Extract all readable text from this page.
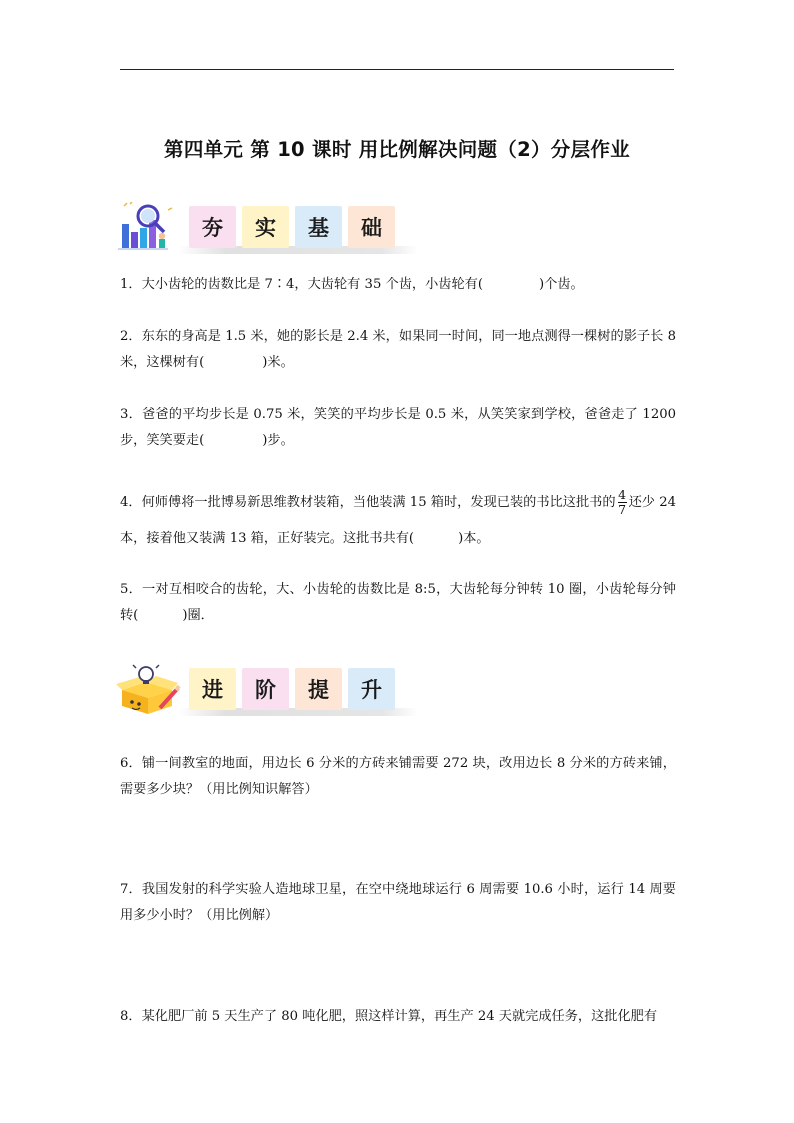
第四单元 第 10 课时 用比例解决问题（2）分层作业
夯	实	基	础
1．大小齿轮的齿数比是 7∶4，大齿轮有 35 个齿，小齿轮有(	)个齿。
2．东东的身高是 1.5 米，她的影长是 2.4 米，如果同一时间，同一地点测得一棵树的影子长 8 米，这棵树有(	)米。
3．爸爸的平均步长是 0.75 米，笑笑的平均步长是 0.5 米，从笑笑家到学校，爸爸走了 1200 步，笑笑要走(	)步。
4．何师傅将一批博易新思维教材装箱，当他装满 15 箱时，发现已装的书比这批书的 $\frac{4}{7}$ 还少 24 本，接着他又装满 13 箱，正好装完。这批书共有(	)本。
5．一对互相咬合的齿轮，大、小齿轮的齿数比是 8:5，大齿轮每分钟转 10 圈，小齿轮每分钟转(	)圈．
进	阶	提	升
6．铺一间教室的地面，用边长 6 分米的方砖来铺需要 272 块，改用边长 8 分米的方砖来铺，需要多少块？（用比例知识解答）
7．我国发射的科学实验人造地球卫星，在空中绕地球运行 6 周需要 10.6 小时，运行 14 周要用多少小时？（用比例解）
8．某化肥厂前 5 天生产了 80 吨化肥，照这样计算，再生产 24 天就完成任务，这批化肥有
